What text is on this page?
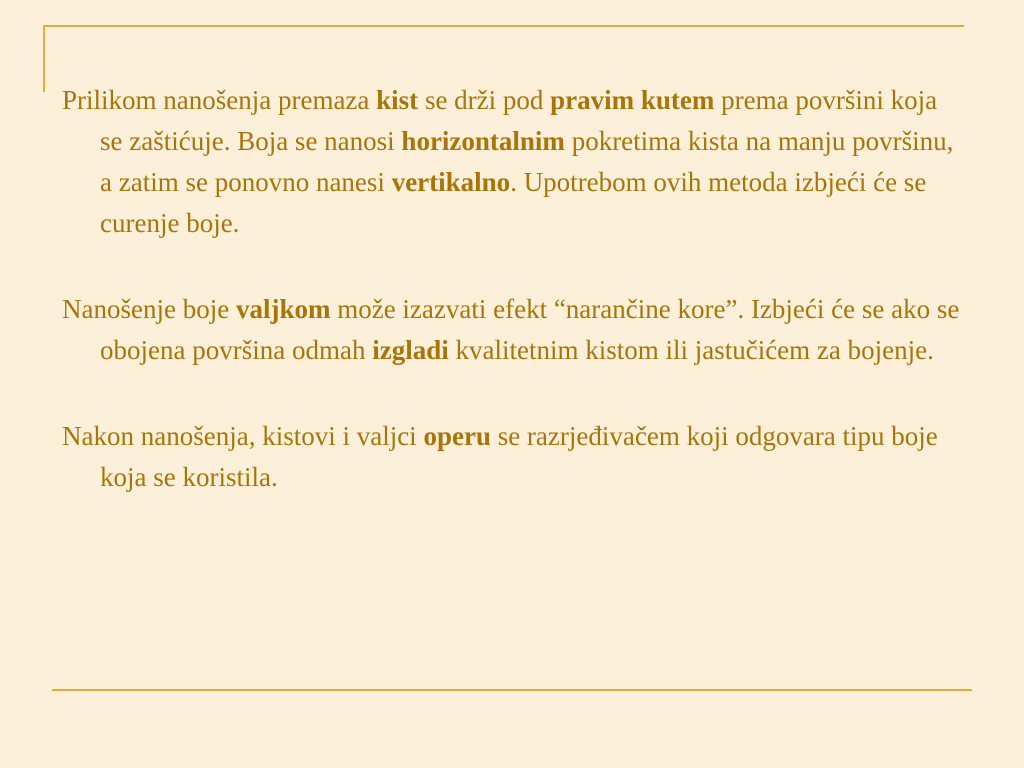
Prilikom nanošenja premaza kist se drži pod pravim kutem prema površini koja se zaštićuje. Boja se nanosi horizontalnim pokretima kista na manju površinu, a zatim se ponovno nanesi vertikalno. Upotrebom ovih metoda izbjeći će se curenje boje.

Nanošenje boje valjkom može izazvati efekt “narančine kore”. Izbjeći će se ako se obojena površina odmah izgladi kvalitetnim kistom ili jastučićem za bojenje.

Nakon nanošenja, kistovi i valjci operu se razrjeđivačem koji odgovara tipu boje koja se koristila.
